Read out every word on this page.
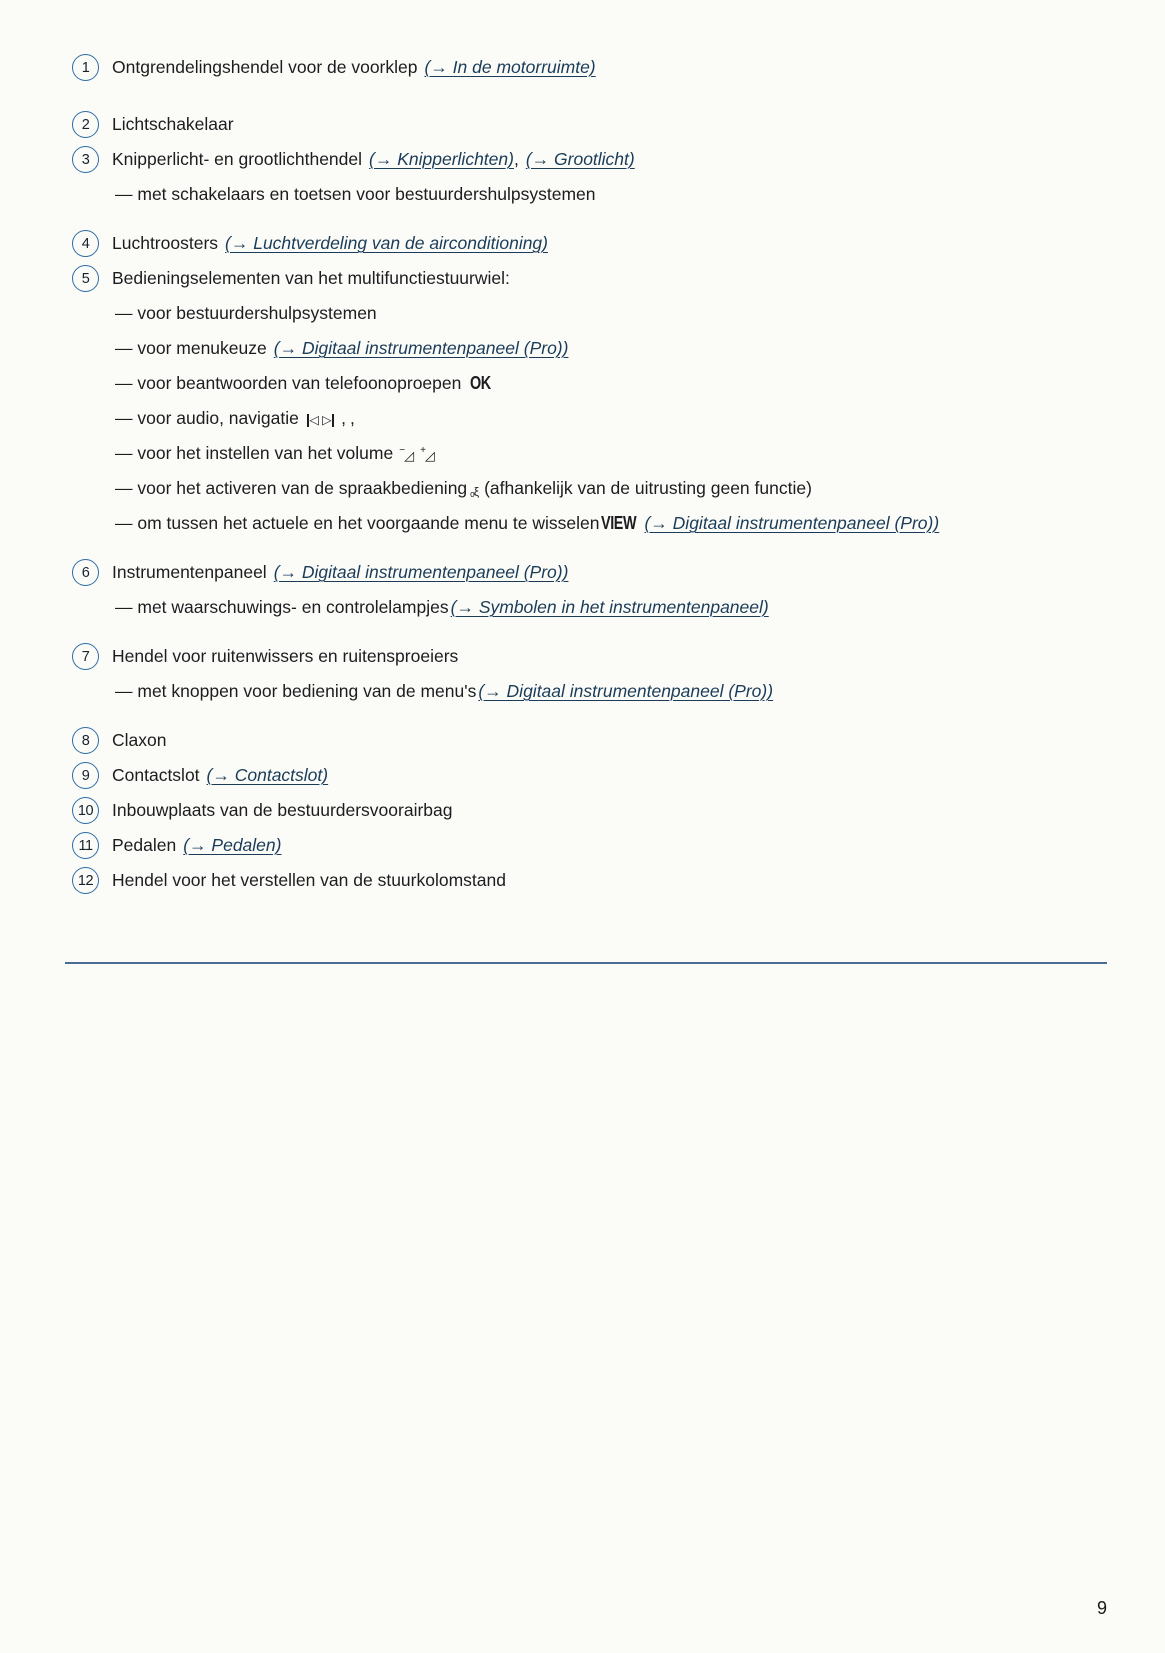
1 Ontgrendelingshendel voor de voorklep (→ In de motorruimte)
2 Lichtschakelaar
3 Knipperlicht- en grootlichthendel (→ Knipperlichten) , (→ Grootlicht)
— met schakelaars en toetsen voor bestuurdershulpsystemen
4 Luchtroosters (→ Luchtverdeling van de airconditioning)
5 Bedieningselementen van het multifunctiestuurwiel:
— voor bestuurdershulpsystemen
— voor menukeuze (→ Digitaal instrumentenpaneel (Pro))
— voor beantwoorden van telefoonoproepen OK
— voor audio, navigatie ◁ ▷ ,,
— voor het instellen van het volume − ◿ + ◿
— voor het activeren van de spraakbediening ₒξ (afhankelijk van de uitrusting geen functie)
— om tussen het actuele en het voorgaande menu te wisselen VIEW (→ Digitaal instrumentenpaneel (Pro))
6 Instrumentenpaneel (→ Digitaal instrumentenpaneel (Pro))
— met waarschuwings- en controlelampjes (→ Symbolen in het instrumentenpaneel)
7 Hendel voor ruitenwissers en ruitensproeiers
— met knoppen voor bediening van de menu's (→ Digitaal instrumentenpaneel (Pro))
8 Claxon
9 Contactslot (→ Contactslot)
10 Inbouwplaats van de bestuurdersvoorairbag
11 Pedalen (→ Pedalen)
12 Hendel voor het verstellen van de stuurkolomstand
9
